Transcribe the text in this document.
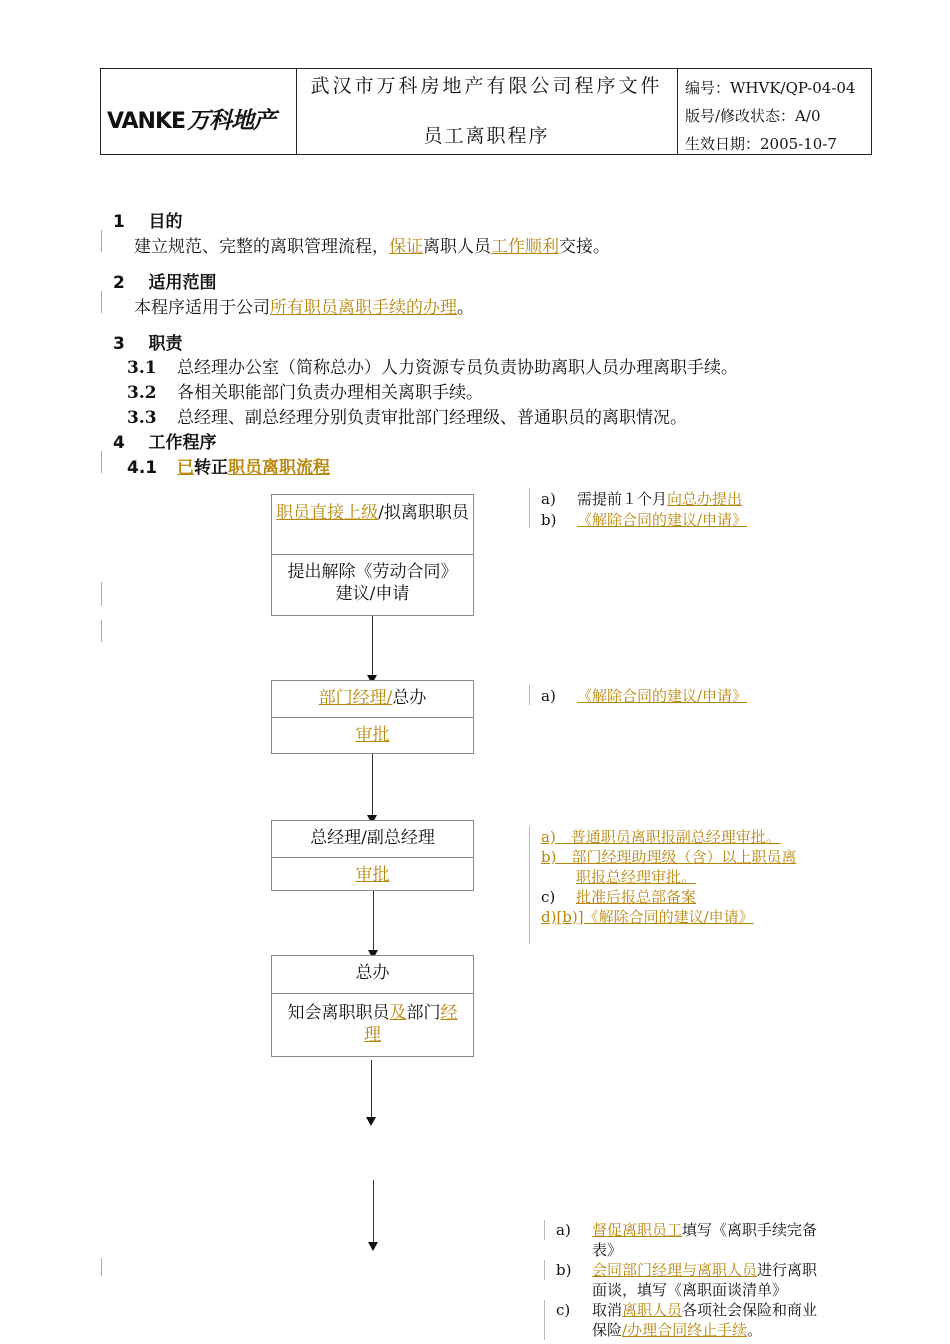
VANKE万科地产
武汉市万科房地产有限公司程序文件
员工离职程序
编号：WHVK/QP-04-04
版号/修改状态：A/0
生效日期：2005-10-7
1 目的
建立规范、完整的离职管理流程，保证离职人员工作顺利交接。
2 适用范围
本程序适用于公司所有职员离职手续的办理。
3 职责
3.1 总经理办公室（简称总办）人力资源专员负责协助离职人员办理离职手续。
3.2 各相关职能部门负责办理相关离职手续。
3.3 总经理、副总经理分别负责审批部门经理级、普通职员的离职情况。
4 工作程序
4.1 已转正职员离职流程
职员直接上级/拟离职职员
提出解除《劳动合同》建议/申请
部门经理/总办
审批
总经理/副总经理
审批
总办
知会离职职员及部门经理
a) 需提前１个月向总办提出
b) 《解除合同的建议/申请》
a) 《解除合同的建议/申请》
a)　普通职员离职报副总经理审批。
b)　部门经理助理级（含）以上职员离
职报总经理审批。
c) 批准后报总部备案
d)[b)]《解除合同的建议/申请》
a) 督促离职员工填写《离职手续完备
表》
b) 会同部门经理与离职人员进行离职
面谈，填写《离职面谈清单》
c) 取消离职人员各项社会保险和商业
保险/办理合同终止手续。
